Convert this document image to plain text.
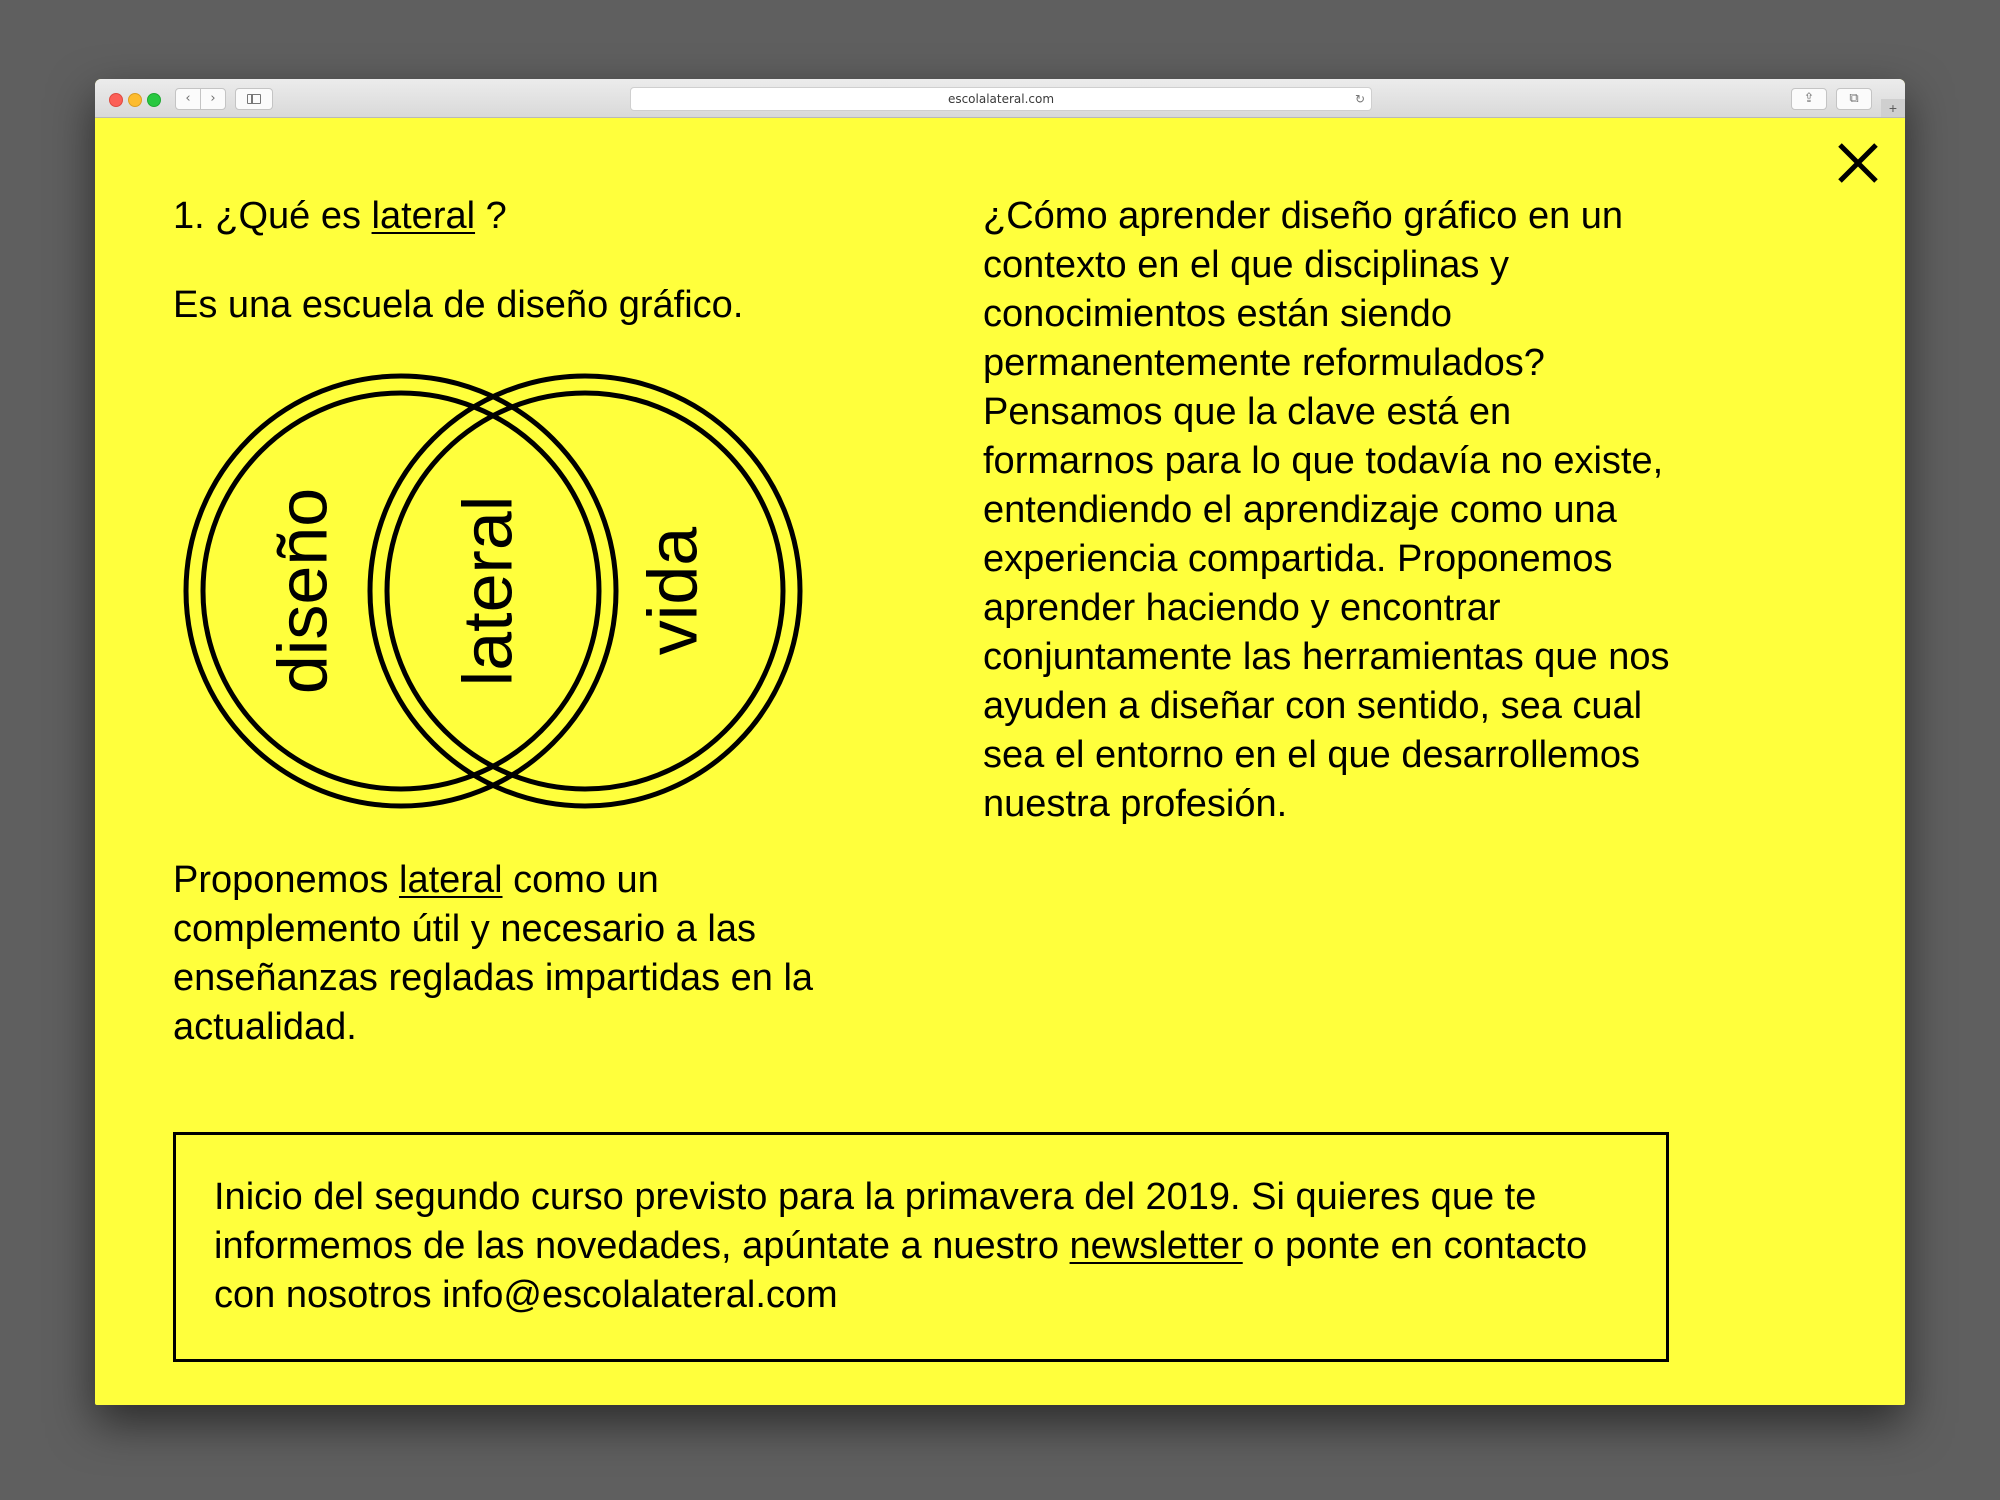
‹	›	escolalateral.com	↻	⇪	⧉
+
1. ¿Qué es lateral ?

Es una escuela de diseño gráfico.

diseño lateral vida

Proponemos lateral como un complemento útil y necesario a las enseñanzas regladas impartidas en la actualidad.

¿Cómo aprender diseño gráfico en un contexto en el que disciplinas y conocimientos están siendo permanentemente reformulados? Pensamos que la clave está en formarnos para lo que todavía no existe, entendiendo el aprendizaje como una experiencia compartida. Proponemos aprender haciendo y encontrar conjuntamente las herramientas que nos ayuden a diseñar con sentido, sea cual sea el entorno en el que desarrollemos nuestra profesión.

Inicio del segundo curso previsto para la primavera del 2019. Si quieres que te informemos de las novedades, apúntate a nuestro newsletter o ponte en contacto con nosotros info@escolalateral.com
